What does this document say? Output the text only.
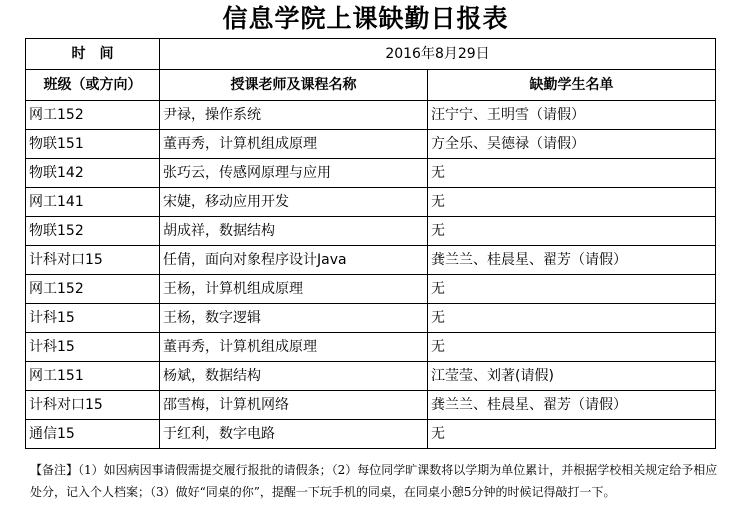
信息学院上课缺勤日报表
时　间	2016年8月29日	
班级（或方向）	授课老师及课程名称	缺勤学生名单
网工152	尹禄，操作系统	汪宁宁、王明雪（请假）
物联151	董再秀，计算机组成原理	方全乐、吴德禄（请假）
物联142	张巧云，传感网原理与应用	无
网工141	宋婕，移动应用开发	无
物联152	胡成祥，数据结构	无
计科对口15	任倩，面向对象程序设计Java	龚兰兰、桂晨星、翟芳（请假）
网工152	王杨，计算机组成原理	无
计科15	王杨，数字逻辑	无
计科15	董再秀，计算机组成原理	无
网工151	杨斌，数据结构	江莹莹、刘著(请假)
计科对口15	邵雪梅，计算机网络	龚兰兰、桂晨星、翟芳（请假）
通信15	于红利，数字电路	无
【备注】（1）如因病因事请假需提交履行报批的请假条；（2）每位同学旷课数将以学期为单位累计，并根据学校相关规定给予相应处分，记入个人档案；（3）做好“同桌的你”，提醒一下玩手机的同桌，在同桌小憩5分钟的时候记得敲打一下。
